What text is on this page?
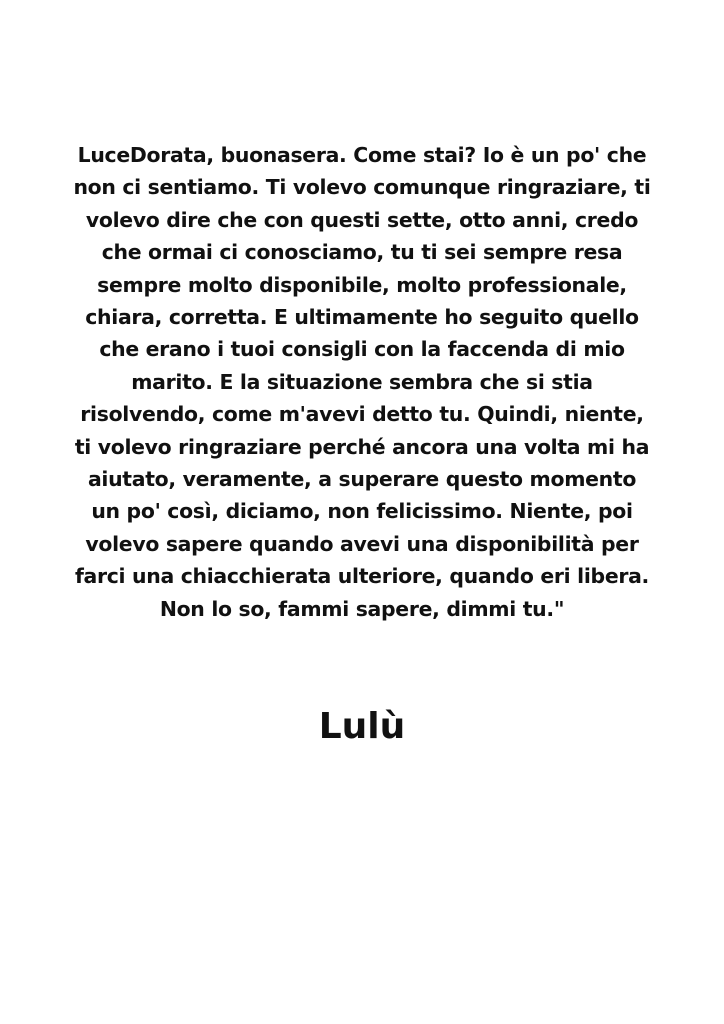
LuceDorata, buonasera. Come stai? Io è un po' che
non ci sentiamo. Ti volevo comunque ringraziare, ti
volevo dire che con questi sette, otto anni, credo
che ormai ci conosciamo, tu ti sei sempre resa
sempre molto disponibile, molto professionale,
chiara, corretta. E ultimamente ho seguito quello
che erano i tuoi consigli con la faccenda di mio
marito. E la situazione sembra che si stia
risolvendo, come m'avevi detto tu. Quindi, niente,
ti volevo ringraziare perché ancora una volta mi ha
aiutato, veramente, a superare questo momento
un po' così, diciamo, non felicissimo. Niente, poi
volevo sapere quando avevi una disponibilità per
farci una chiacchierata ulteriore, quando eri libera.
Non lo so, fammi sapere, dimmi tu."

Lulù
